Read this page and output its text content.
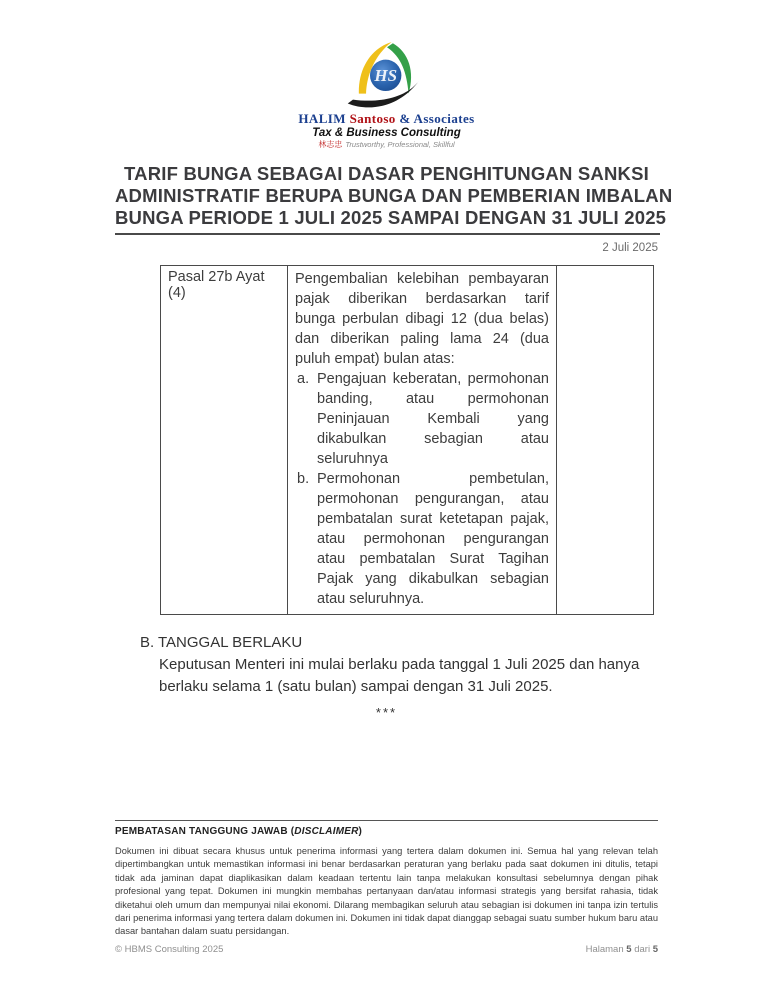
HS
HALIM Santoso & Associates
Tax & Business Consulting
林志忠 Trustworthy, Professional, Skillful
TARIF BUNGA SEBAGAI DASAR PENGHITUNGAN SANKSI
ADMINISTRATIF BERUPA BUNGA DAN PEMBERIAN IMBALAN
BUNGA PERIODE 1 JULI 2025 SAMPAI DENGAN 31 JULI 2025
2 Juli 2025
Pasal 27b Ayat (4)	
Pengembalian kelebihan pembayaran pajak diberikan berdasarkan tarif bunga perbulan dibagi 12 (dua belas) dan diberikan paling lama 24 (dua puluh empat) bulan atas:
a. Pengajuan keberatan, permohonan banding, atau permohonan Peninjauan Kembali yang dikabulkan sebagian atau seluruhnya
b. Permohonan pembetulan, permohonan pengurangan, atau pembatalan surat ketetapan pajak, atau permohonan pengurangan atau pembatalan Surat Tagihan Pajak yang dikabulkan sebagian atau seluruhnya.

B. TANGGAL BERLAKU
Keputusan Menteri ini mulai berlaku pada tanggal 1 Juli 2025 dan hanya berlaku selama 1 (satu bulan) sampai dengan 31 Juli 2025.
***
PEMBATASAN TANGGUNG JAWAB (DISCLAIMER)
Dokumen ini dibuat secara khusus untuk penerima informasi yang tertera dalam dokumen ini. Semua hal yang relevan telah dipertimbangkan untuk memastikan informasi ini benar berdasarkan peraturan yang berlaku pada saat dokumen ini ditulis, tetapi tidak ada jaminan dapat diaplikasikan dalam keadaan tertentu lain tanpa melakukan konsultasi sebelumnya dengan pihak profesional yang tepat. Dokumen ini mungkin membahas pertanyaan dan/atau informasi strategis yang bersifat rahasia, tidak diketahui oleh umum dan mempunyai nilai ekonomi. Dilarang membagikan seluruh atau sebagian isi dokumen ini tanpa izin tertulis dari penerima informasi yang tertera dalam dokumen ini. Dokumen ini tidak dapat dianggap sebagai suatu sumber hukum baru atau dasar bantahan dalam suatu persidangan.
© HBMS Consulting 2025	Halaman 5 dari 5
